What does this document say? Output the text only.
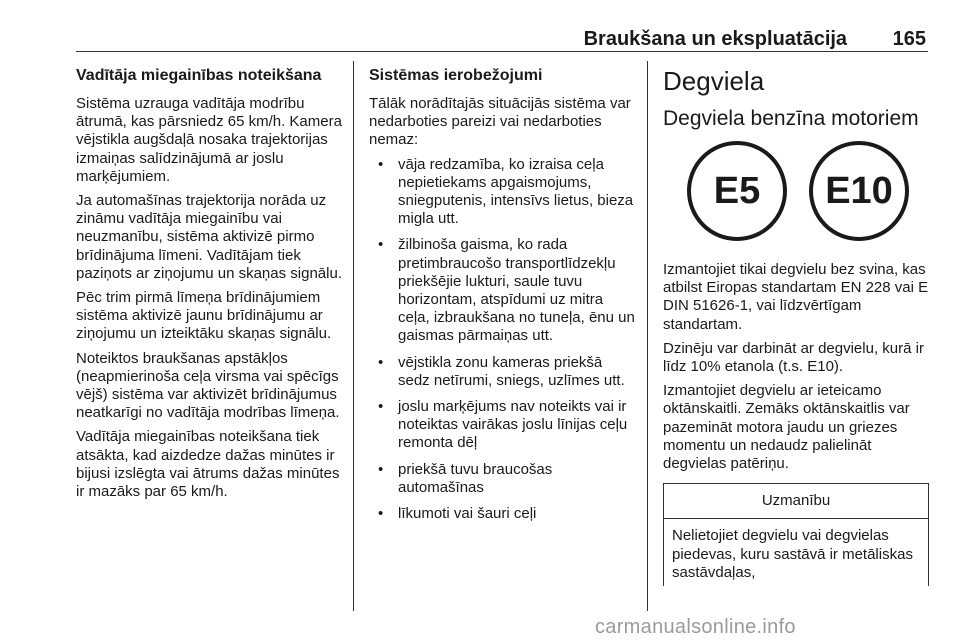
Braukšana un ekspluatācija 165
Vadītāja miegainības noteikšana

Sistēma uzrauga vadītāja modrību ātrumā, kas pārsniedz 65 km/h. Kamera vējstikla augšdaļā nosaka trajektorijas izmaiņas salīdzinājumā ar joslu marķējumiem.

Ja automašīnas trajektorija norāda uz zināmu vadītāja miegainību vai neuzmanību, sistēma aktivizē pirmo brīdinājuma līmeni. Vadītājam tiek paziņots ar ziņojumu un skaņas signālu.

Pēc trim pirmā līmeņa brīdinājumiem sistēma aktivizē jaunu brīdinājumu ar ziņojumu un izteiktāku skaņas signālu.

Noteiktos braukšanas apstākļos (neapmierinoša ceļa virsma vai spēcīgs vējš) sistēma var aktivizēt brīdinājumus neatkarīgi no vadītāja modrības līmeņa.

Vadītāja miegainības noteikšana tiek atsākta, kad aizdedze dažas minūtes ir bijusi izslēgta vai ātrums dažas minūtes ir mazāks par 65 km/h.

Sistēmas ierobežojumi

Tālāk norādītajās situācijās sistēma var nedarboties pareizi vai nedarboties nemaz:

• vāja redzamība, ko izraisa ceļa nepietiekams apgaismojums, sniegputenis, intensīvs lietus, bieza migla utt.
• žilbinoša gaisma, ko rada pretimbraucošo transportlīdzekļu priekšējie lukturi, saule tuvu horizontam, atspīdumi uz mitra ceļa, izbraukšana no tuneļa, ēnu un gaismas pārmaiņas utt.
• vējstikla zonu kameras priekšā sedz netīrumi, sniegs, uzlīmes utt.
• joslu marķējums nav noteikts vai ir noteiktas vairākas joslu līnijas ceļu remonta dēļ
• priekšā tuvu braucošas automašīnas
• līkumoti vai šauri ceļi
Degviela
Degviela benzīna motoriem
E5	E10

Izmantojiet tikai degvielu bez svina, kas atbilst Eiropas standartam EN 228 vai E DIN 51626-1, vai līdzvērtīgam standartam.

Dzinēju var darbināt ar degvielu, kurā ir līdz 10% etanola (t.s. E10).

Izmantojiet degvielu ar ieteicamo oktānskaitli. Zemāks oktānskaitlis var pazemināt motora jaudu un griezes momentu un nedaudz palielināt degvielas patēriņu.

Uzmanību
Nelietojiet degvielu vai degvielas piedevas, kuru sastāvā ir metāliskas sastāvdaļas,
carmanualsonline.info
